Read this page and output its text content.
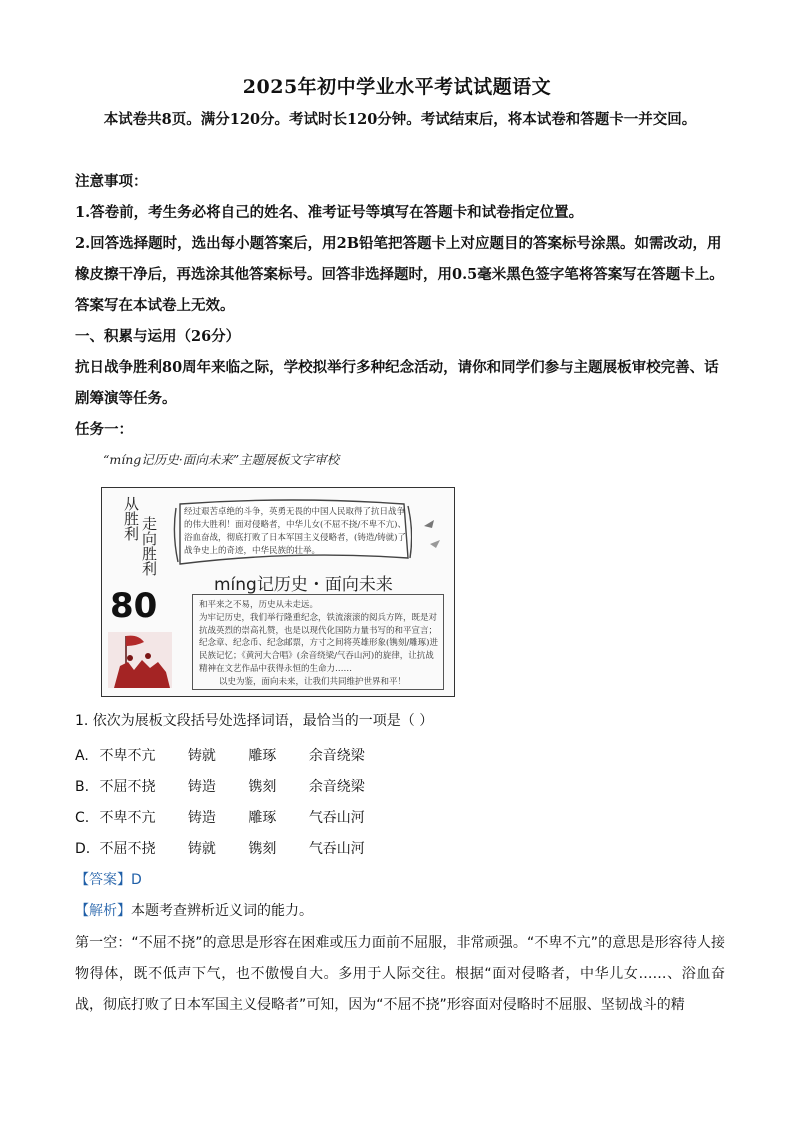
2025年初中学业水平考试试题语文

本试卷共8页。满分120分。考试时长120分钟。考试结束后，将本试卷和答题卡一并交回。

注意事项：

1.答卷前，考生务必将自己的姓名、准考证号等填写在答题卡和试卷指定位置。

2.回答选择题时，选出每小题答案后，用2B铅笔把答题卡上对应题目的答案标号涂黑。如需改动，用橡皮擦干净后，再选涂其他答案标号。回答非选择题时，用0.5毫米黑色签字笔将答案写在答题卡上。答案写在本试卷上无效。

一、积累与运用（26分）

抗日战争胜利80周年来临之际，学校拟举行多种纪念活动，请你和同学们参与主题展板审校完善、话剧筹演等任务。

任务一：

“míng记历史·面向未来”主题展板文字审校
从胜利 走向胜利
80
经过艰苦卓绝的斗争，英勇无畏的中国人民取得了抗日战争的伟大胜利！面对侵略者，中华儿女(不屈不挠/不卑不亢)、浴血奋战，彻底打败了日本军国主义侵略者，(铸造/铸就)了战争史上的奇迹，中华民族的壮举。
míng记历史・面向未来

和平来之不易，历史从未走远。

为牢记历史，我们举行隆重纪念，铁流滚滚的阅兵方阵，既是对抗战英烈的崇高礼赞，也是以现代化国防力量书写的和平宣言；纪念章、纪念币、纪念邮票，方寸之间将英雄形象(镌刻/雕琢)进民族记忆；《黄河大合唱》(余音绕梁/气吞山河)的旋律，让抗战精神在文艺作品中获得永恒的生命力……

以史为鉴，面向未来，让我们共同维护世界和平！

1. 依次为展板文段括号处选择词语，最恰当的一项是（ ）
A. 不卑不亢 铸就 雕琢 余音绕梁
B. 不屈不挠 铸造 镌刻 余音绕梁
C. 不卑不亢 铸造 雕琢 气吞山河
D. 不屈不挠 铸就 镌刻 气吞山河
【答案】D
【解析】本题考查辨析近义词的能力。

第一空：“不屈不挠”的意思是形容在困难或压力面前不屈服，非常顽强。“不卑不亢”的意思是形容待人接物得体，既不低声下气，也不傲慢自大。多用于人际交往。根据“面对侵略者，中华儿女……、浴血奋战，彻底打败了日本军国主义侵略者”可知，因为“不屈不挠”形容面对侵略时不屈服、坚韧战斗的精
